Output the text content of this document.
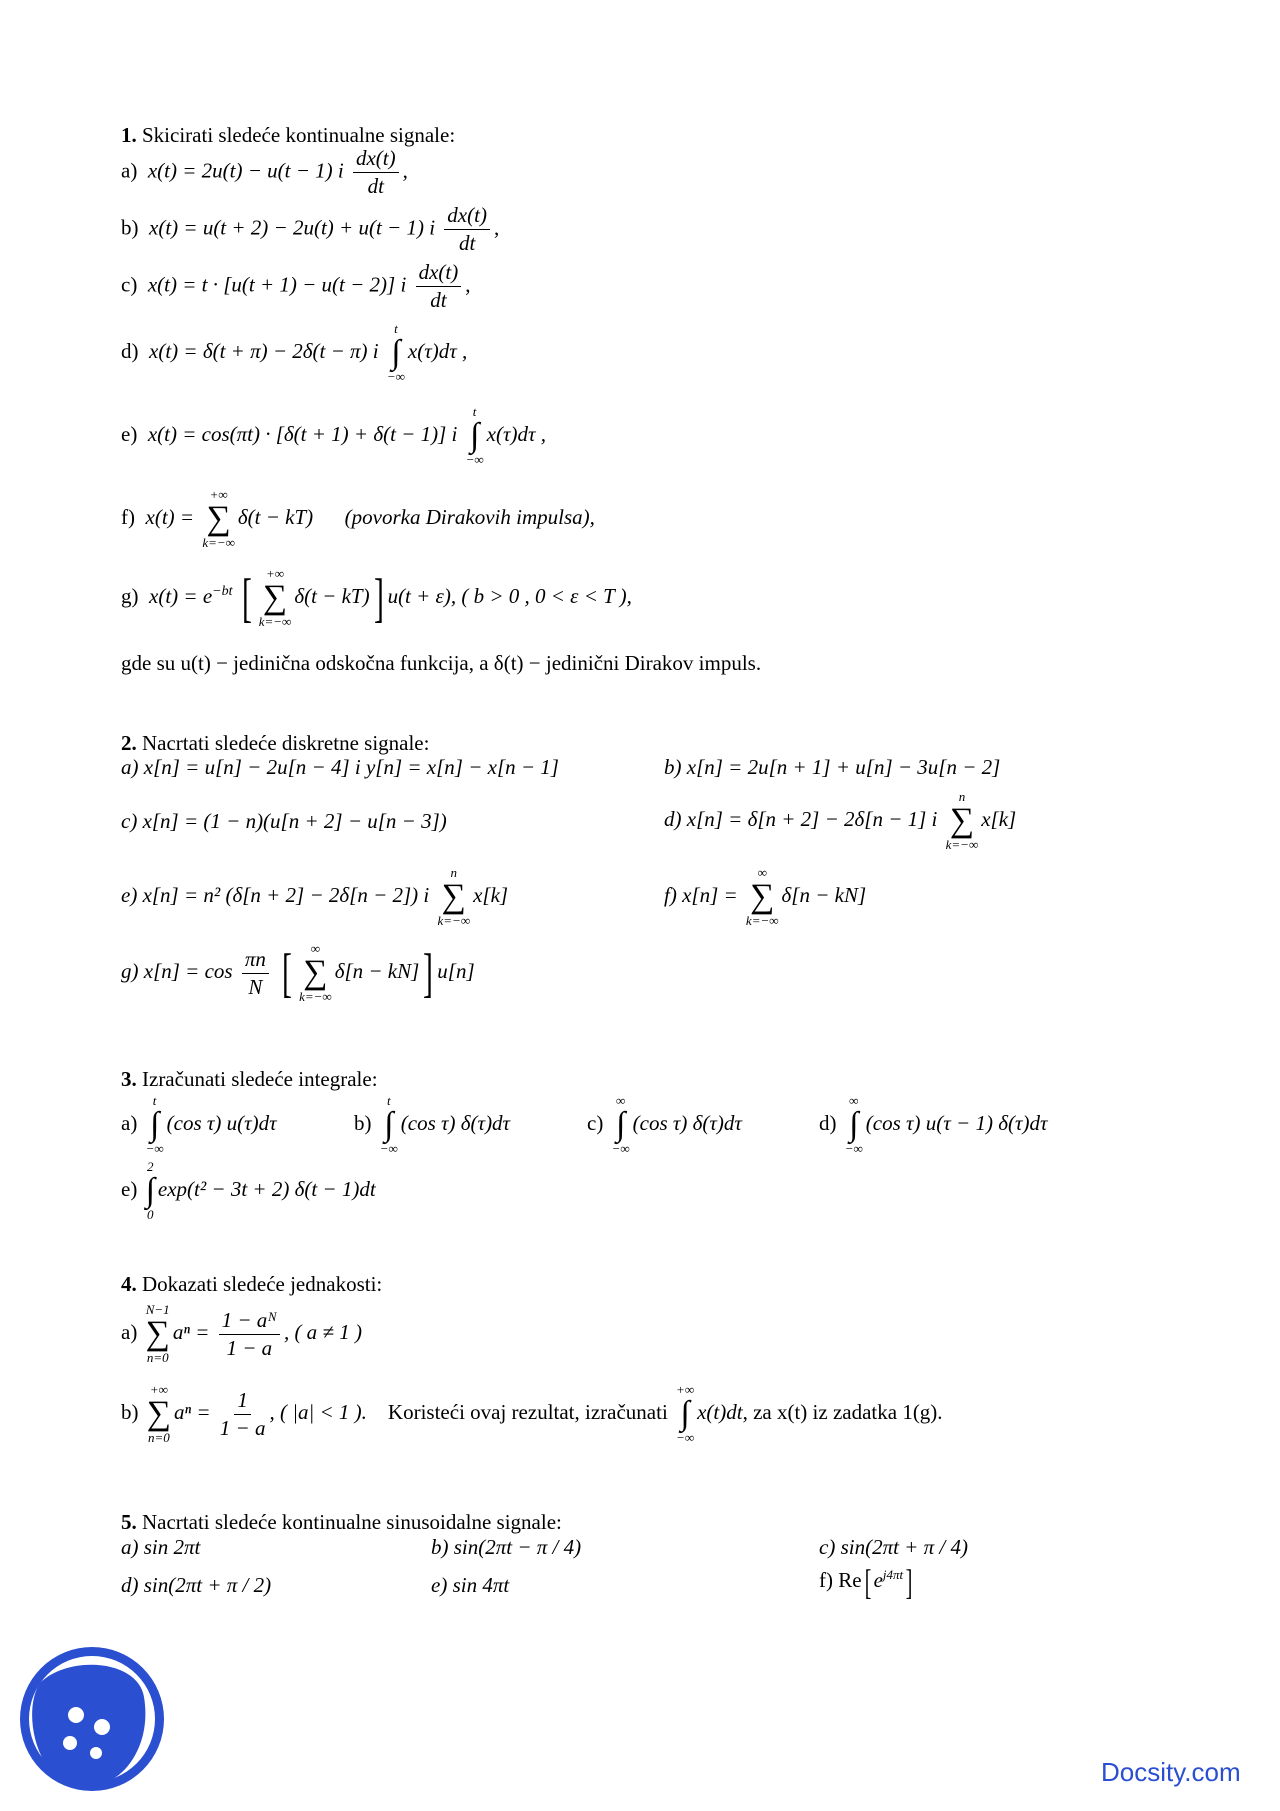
1. Skicirati sledeće kontinualne signale:
a) x(t) = 2u(t) − u(t − 1) i $\frac{dx(t)}{dt}$ ,
b) x(t) = u(t + 2) − 2u(t) + u(t − 1) i $\frac{dx(t)}{dt}$ ,
c) x(t) = t · [u(t + 1) − u(t − 2)] i $\frac{dx(t)}{dt}$ ,
d) x(t) = δ(t + π) − 2δ(t − π) i
t
∫
−∞
x(τ)dτ ,
e) x(t) = cos(πt) · [δ(t + 1) + δ(t − 1)] i
t
∫
−∞
x(τ)dτ ,
f) x(t) =
+∞
∑
k=−∞
δ(t − kT) (povorka Dirakovih impulsa),
g) $x(t) = e^{-bt}$ [ +∞
∑
k=−∞
δ(t − kT)] u(t + ε), ( b > 0 , 0 < ε < T ),
gde su u(t) − jedinična odskočna funkcija, a δ(t) − jedinični Dirakov impuls.
2. Nacrtati sledeće diskretne signale:
a) x[n] = u[n] − 2u[n − 4] i y[n] = x[n] − x[n − 1]	b) x[n] = 2u[n + 1] + u[n] − 3u[n − 2]
c) x[n] = (1 − n)(u[n + 2] − u[n − 3])	d) x[n] = δ[n + 2] − 2δ[n − 1] i
n
∑
k=−∞
x[k]
e) x[n] = n² (δ[n + 2] − 2δ[n − 2]) i
n
∑
k=−∞
x[k]	f) x[n] =
∞
∑
k=−∞
δ[n − kN]
g) $x[n] = \cos \frac{\pi n}{N}$ [ ∞
∑
k=−∞
δ[n − kN]] u[n]
3. Izračunati sledeće integrale:
a)
t
∫
−∞
(cos τ) u(τ)dτ	b)
t
∫
−∞
(cos τ) δ(τ)dτ	c)
∞
∫
−∞
(cos τ) δ(τ)dτ	d)
∞
∫
−∞
(cos τ) u(τ − 1) δ(τ)dτ
e)
2
∫
0
exp(t² − 3t + 2) δ(t − 1)dt
4. Dokazati sledeće jednakosti:
a)
N−1
∑
n=0
$a^n = \frac{\text{1 − aᴺ}}{1 - a}$ , ( a ≠ 1 )
b)
+∞
∑
n=0
$a^n = \frac{1}{1 - a}$ , ( |a| < 1 ). Koristeći ovaj rezultat, izračunati
+∞
∫
−∞
x(t)dt, za x(t) iz zadatka 1(g).
5. Nacrtati sledeće kontinualne sinusoidalne signale:
a) sin 2πt	b) sin(2πt − π / 4)	c) sin(2πt + π / 4)
d) sin(2πt + π / 2)	e) sin 4πt	f) Re[ $e^{j4\pi t}$]
Docsity.com
